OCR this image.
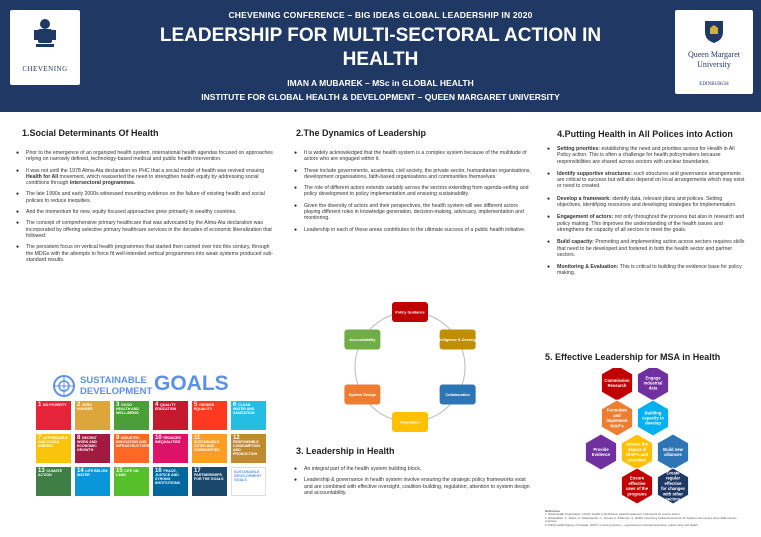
CHEVENING
CHEVENING CONFERENCE – BIG IDEAS GLOBAL LEADERSHIP IN 2020
LEADERSHIP FOR MULTI-SECTORAL ACTION IN HEALTH
IMAN A MUBAREK – MSc in GLOBAL HEALTH
INSTITUTE FOR GLOBAL HEALTH & DEVELOPMENT – QUEEN MARGARET UNIVERSITY
Queen Margaret University
EDINBURGH
1.Social Determinants Of Health
● Prior to the emergence of an organized health system, international health agendas focused on approaches relying on narrowly defined, technology-based medical and public health intervention.
● It was not until the 1978 Alma-Ata declaration on PHC that a social model of health was revived ensuing Health for All movement, which reasserted the need to strengthen health equity by addressing social conditions through intersectoral programmes.
● The late 1990s and early 2000s witnessed mounting evidence on the failure of existing health and social policies to reduce inequities.
● And the momentum for new, equity focused approaches grew primarily in wealthy countries.
● The concept of comprehensive primary healthcare that was advocated by the Alma-Ata declaration was incorporated by offering selective primary healthcare services in the decades of economic liberalization that followed.
● The persistent focus on vertical health programmes that started then carried over into this century, through the MDGs with the attempts to force fit well-intended vertical programmes into weak systems produced sub-standard results.
SUSTAINABLE
DEVELOPMENT GOALS
1 NO POVERTY	2 ZERO HUNGER
3 GOOD HEALTH AND WELL-BEING
4 QUALITY EDUCATION
5 GENDER EQUALITY
6 CLEAN WATER AND SANITATION
7 AFFORDABLE AND CLEAN ENERGY
8 DECENT WORK AND ECONOMIC GROWTH
9 INDUSTRY, INNOVATION AND INFRASTRUCTURE
10 REDUCED INEQUALITIES
11 SUSTAINABLE CITIES AND COMMUNITIES
12 RESPONSIBLE CONSUMPTION AND PRODUCTION
13 CLIMATE ACTION
14 LIFE BELOW WATER
15 LIFE ON LAND
16 PEACE, JUSTICE AND STRONG INSTITUTIONS
17 PARTNERSHIPS FOR THE GOALS
SUSTAINABLE DEVELOPMENT GOALS
2.The Dynamics of Leadership
● It is widely acknowledged that the health system is a complex system because of the multitude of actors who are engaged within it.
● These include governments, academia, civil society, the private sector, humanitarian organisations, development organisations, faith-based organisations and communities themselves.
● The role of different actors extends variably across the sectors extending from agenda-setting and policy development to policy implementation and ensuring sustainability.
● Given the diversity of actors and their perspectives, the health system will see different actors playing different roles in knowledge generation, decision-making, advocacy, implementation and monitoring.
● Leadership in each of these areas contributes to the ultimate success of a public health initiative.
Policy Guidance
Intelligence & Oversight
Collaboration
Regulation
System Design
Accountability
3. Leadership in Health
● An integral part of the health system building block.
● Leadership & governance in health system involve ensuring the strategic policy frameworks exist and are combined with effective oversight, coalition-building, regulation, attention to system design and accountability.
4.Putting Health in All Polices into Action
● Setting priorities: establishing the need and priorities across for Health in All Policy action. This is often a challenge for health policymakers because responsibilities are shared across sectors with unclear boundaries.
● Identify supportive structures: such structures and governance arrangements are critical to success but will also depend on local arrangements which may exist or need to created.
● Develop a framework: identify data, relevant plans and polices. Setting objectives, identifying resources and developing strategies for implementation.
● Engagement of actors: not only throughout the process but also in research and policy making. This improves the understanding of the health issues and strengthens the capacity of all sectors to meet the goals.
● Build capacity: Promoting and implementing action across sectors requires skills that need to be developed and fostered in both the health sector and partner sectors.
● Monitoring & Evaluation: This is critical to building the evidence base for policy making.
5. Effective Leadership for MSA in Health
Commission
Research
Engage
Industrial
data
Formulate
and
implement
HiAP's
Building
capacity to
develop
Provide
Evidence
Assess the
impact of
HiAP's and
priorities
Build new
alliances
Ensure
effective
uses of the
programs
Create
regular
effective
for changes
with other
sectors
References
1. World Health Organization. (2014). Health in All Policies: Helsinki statement. Framework for country action.
2. Rasanathan, K., Atkins, S., Mwansambo, C., Soucat, A. & Bennett, S. (2018). Governing multisectoral action for health in low-income and middle-income countries.
3. Public Health Agency of Canada. (2007). Crossing sectors — experiences in intersectoral action, public policy and health.
